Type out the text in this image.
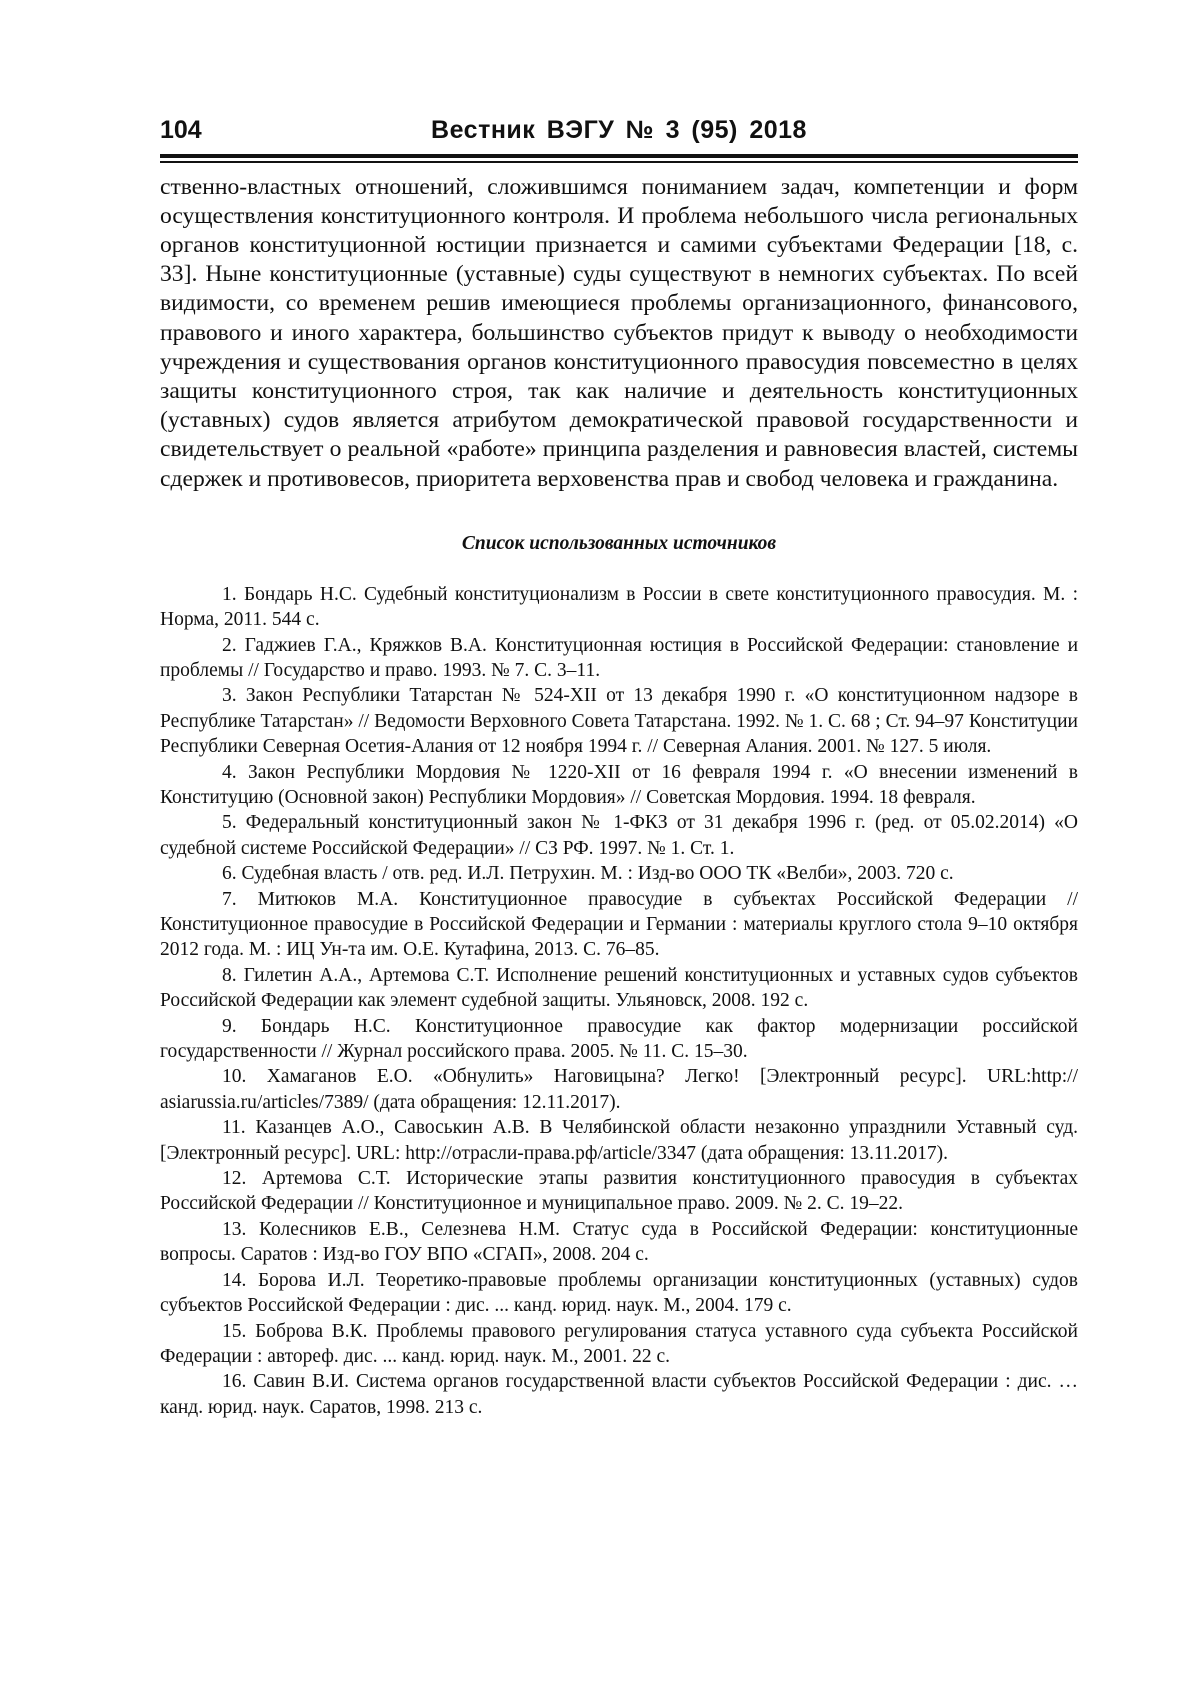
104	Вестник ВЭГУ № 3 (95) 2018

ственно-властных отношений, сложившимся пониманием задач, компетенции и форм осуществления конституционного контроля. И проблема небольшого числа региональных органов конституционной юстиции признается и самими субъектами Федерации [18, с. 33]. Ныне конституционные (уставные) суды существуют в немногих субъектах. По всей видимости, со временем решив имеющиеся проблемы организационного, финансового, правового и иного характера, большинство субъектов придут к выводу о необходимости учреждения и существования органов конституционного правосудия повсеместно в целях защиты конституционного строя, так как наличие и деятельность конституционных (уставных) судов является атрибутом демократической правовой государственности и свидетельствует о реальной «работе» принципа разделения и равновесия властей, системы сдержек и противовесов, приоритета верховенства прав и свобод человека и гражданина.

Список использованных источников
1. Бондарь Н.С. Судебный конституционализм в России в свете конституционного правосудия. М. : Норма, 2011. 544 с.
2. Гаджиев Г.А., Кряжков В.А. Конституционная юстиция в Российской Федерации: становление и проблемы // Государство и право. 1993. № 7. С. 3–11.
3. Закон Республики Татарстан № 524-XII от 13 декабря 1990 г. «О конституционном надзоре в Республике Татарстан» // Ведомости Верховного Совета Татарстана. 1992. № 1. С. 68 ; Ст. 94–97 Конституции Республики Северная Осетия-Алания от 12 ноября 1994 г. // Северная Алания. 2001. № 127. 5 июля.
4. Закон Республики Мордовия № 1220-XII от 16 февраля 1994 г. «О внесении изменений в Конституцию (Основной закон) Республики Мордовия» // Советская Мордовия. 1994. 18 февраля.
5. Федеральный конституционный закон № 1-ФКЗ от 31 декабря 1996 г. (ред. от 05.02.2014) «О судебной системе Российской Федерации» // СЗ РФ. 1997. № 1. Ст. 1.
6. Судебная власть / отв. ред. И.Л. Петрухин. М. : Изд-во ООО ТК «Велби», 2003. 720 с.
7. Митюков М.А. Конституционное правосудие в субъектах Российской Федерации // Конституционное правосудие в Российской Федерации и Германии : материалы круглого стола 9–10 октября 2012 года. М. : ИЦ Ун-та им. О.Е. Кутафина, 2013. С. 76–85.
8. Гилетин А.А., Артемова С.Т. Исполнение решений конституционных и уставных судов субъектов Российской Федерации как элемент судебной защиты. Ульяновск, 2008. 192 с.
9. Бондарь Н.С. Конституционное правосудие как фактор модернизации российской государственности // Журнал российского права. 2005. № 11. С. 15–30.
10. Хамаганов Е.О. «Обнулить» Наговицына? Легко! [Электронный ресурс]. URL:http:// asiarussia.ru/articles/7389/ (дата обращения: 12.11.2017).
11. Казанцев А.О., Савоськин А.В. В Челябинской области незаконно упразднили Уставный суд. [Электронный ресурс]. URL: http://отрасли-права.рф/article/3347 (дата обращения: 13.11.2017).
12. Артемова С.Т. Исторические этапы развития конституционного правосудия в субъектах Российской Федерации // Конституционное и муниципальное право. 2009. № 2. С. 19–22.
13. Колесников Е.В., Селезнева Н.М. Статус суда в Российской Федерации: конституционные вопросы. Саратов : Изд-во ГОУ ВПО «СГАП», 2008. 204 с.
14. Борова И.Л. Теоретико-правовые проблемы организации конституционных (уставных) судов субъектов Российской Федерации : дис. ... канд. юрид. наук. М., 2004. 179 с.
15. Боброва В.К. Проблемы правового регулирования статуса уставного суда субъекта Российской Федерации : автореф. дис. ... канд. юрид. наук. М., 2001. 22 с.
16. Савин В.И. Система органов государственной власти субъектов Российской Федерации : дис. … канд. юрид. наук. Саратов, 1998. 213 с.
